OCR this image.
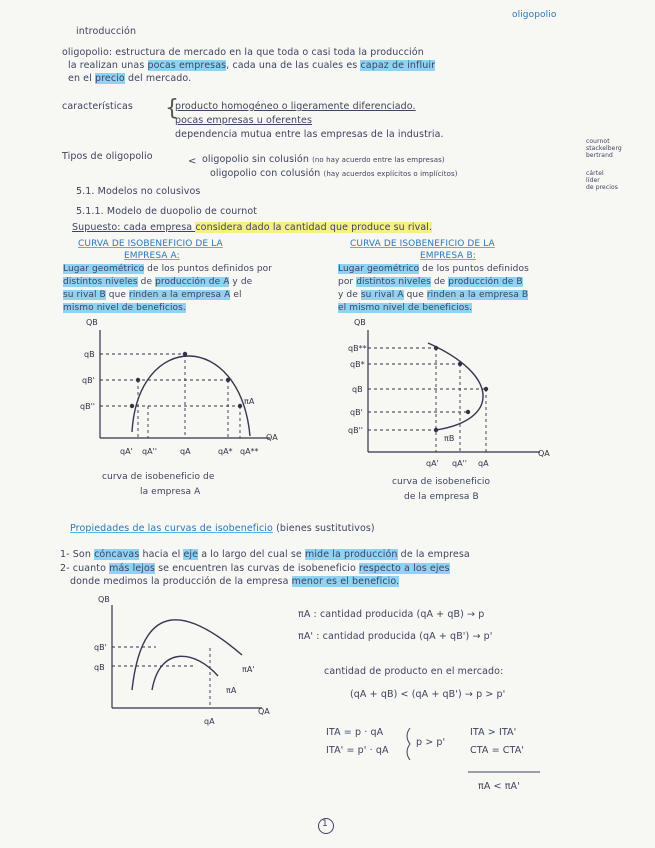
oligopolio
introducción
oligopolio: estructura de mercado en la que toda o casi toda la producción
la realizan unas pocas empresas, cada una de las cuales es capaz de influir
en el precio del mercado.
características {
producto homogéneo o ligeramente diferenciado.
pocas empresas u oferentes
dependencia mutua entre las empresas de la industria.
Tipos de oligopolio	< oligopolio sin colusión (no hay acuerdo entre las empresas)
oligopolio con colusión (hay acuerdos explícitos o implícitos)
cournot
stackelberg
bertrand
cártel
líder
de precios
5.1. Modelos no colusivos
5.1.1. Modelo de duopolio de cournot
Supuesto: cada empresa considera dado la cantidad que produce su rival.
CURVA DE ISOBENEFICIO DE LA
EMPRESA A:
Lugar geométrico de los puntos definidos por
distintos niveles de producción de A y de
su rival B que rinden a la empresa A el
mismo nivel de beneficios.
CURVA DE ISOBENEFICIO DE LA
EMPRESA B:
Lugar geométrico de los puntos definidos
por distintos niveles de producción de B
y de su rival A que rinden a la empresa B
el mismo nivel de beneficios.
QB
QA
qB
qB'
qB''
qA' qA''	qA	qA* qA**
πA
QB
QA
qB**
qB*
qB
qB'
qB''
qA' qA'' qA
πB
QB
QA
qB'
qB
qA
πA'
πA
curva de isobeneficio de
la empresa A
curva de isobeneficio
de la empresa B
Propiedades de las curvas de isobeneficio (bienes sustitutivos)
1- Son cóncavas hacia el eje a lo largo del cual se mide la producción de la empresa
2- cuanto más lejos se encuentren las curvas de isobeneficio respecto a los ejes
donde medimos la producción de la empresa menor es el beneficio.
πA : cantidad producida (qA + qB) → p
πA' : cantidad producida (qA + qB') → p'
cantidad de producto en el mercado:
(qA + qB) < (qA + qB') → p > p'
ITA = p · qA
ITA' = p' · qA
p > p'
ITA > ITA'
CTA = CTA'
πA < πA'
1
